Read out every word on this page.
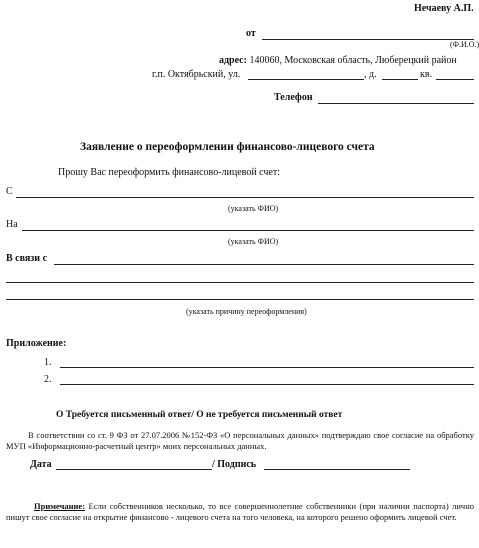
Нечаеву А.П.
от
(Ф.И.О.)
адрес: 140060, Московская область, Люберецкий район
г.п. Октябрьский, ул.	, д.	кв.
Телефон
Заявление о переоформлении финансово-лицевого счета
Прошу Вас переоформить финансово-лицевой счет:
С
(указать ФИО)
На
(указать ФИО)
В связи с
(указать причину переоформления)
Приложение:
1.
2.
О Требуется письменный ответ/ О не требуется письменный ответ
В соответствии со ст. 9 ФЗ от 27.07.2006 №152-ФЗ «О персональных данных» подтверждаю свое согласие на обработку МУП «Информационно-расчетный центр» моих персональных данных.
Дата	/ Подпись
Примечание: Если собственников несколько, то все совершеннолетние собственники (при наличии паспорта) лично пишут свое согласие на открытие финансово - лицевого счета на того человека, на которого решено оформить лицевой счет.
